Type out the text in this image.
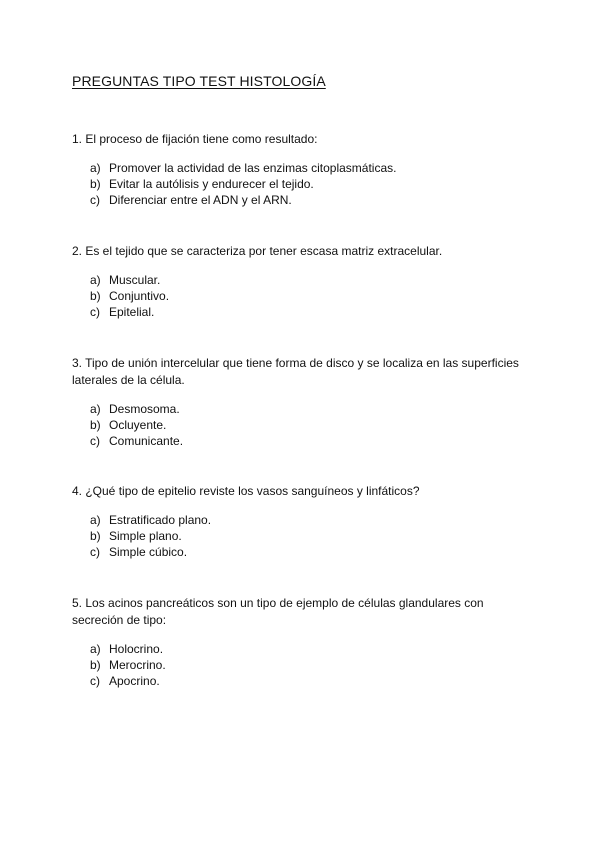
PREGUNTAS TIPO TEST HISTOLOGÍA

1. El proceso de fijación tiene como resultado:

a) Promover la actividad de las enzimas citoplasmáticas.
b) Evitar la autólisis y endurecer el tejido.
c) Diferenciar entre el ADN y el ARN.

2. Es el tejido que se caracteriza por tener escasa matriz extracelular.

a) Muscular.
b) Conjuntivo.
c) Epitelial.

3. Tipo de unión intercelular que tiene forma de disco y se localiza en las superficies laterales de la célula.

a) Desmosoma.
b) Ocluyente.
c) Comunicante.

4. ¿Qué tipo de epitelio reviste los vasos sanguíneos y linfáticos?

a) Estratificado plano.
b) Simple plano.
c) Simple cúbico.

5. Los acinos pancreáticos son un tipo de ejemplo de células glandulares con secreción de tipo:

a) Holocrino.
b) Merocrino.
c) Apocrino.
